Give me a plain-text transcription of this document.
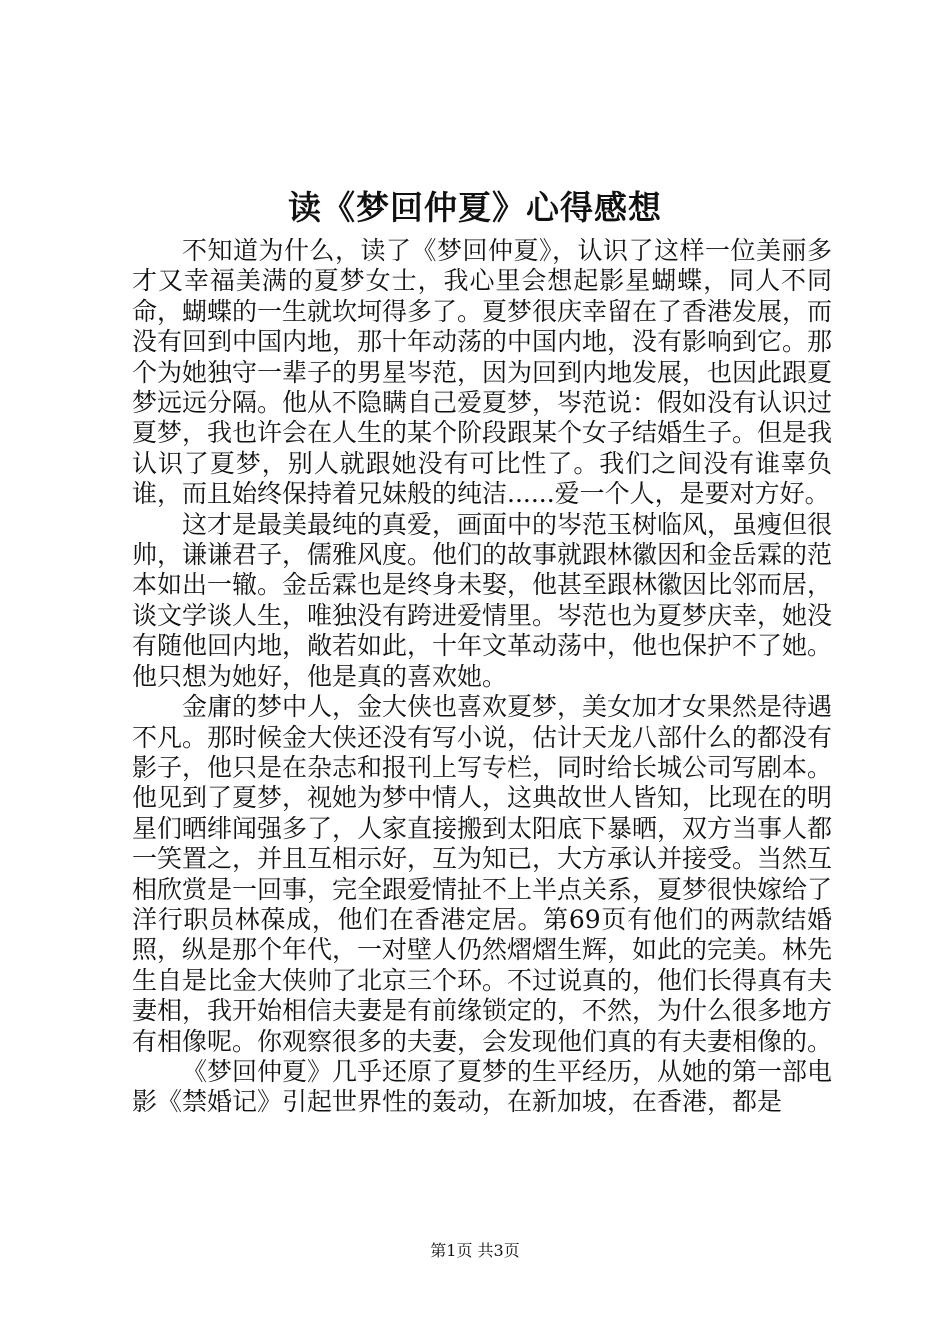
读《梦回仲夏》心得感想

不知道为什么，读了《梦回仲夏》，认识了这样一位美丽多才又幸福美满的夏梦女士，我心里会想起影星蝴蝶，同人不同命，蝴蝶的一生就坎坷得多了。夏梦很庆幸留在了香港发展，而没有回到中国内地，那十年动荡的中国内地，没有影响到它。那个为她独守一辈子的男星岑范，因为回到内地发展，也因此跟夏梦远远分隔。他从不隐瞒自己爱夏梦，岑范说：假如没有认识过夏梦，我也许会在人生的某个阶段跟某个女子结婚生子。但是我认识了夏梦，别人就跟她没有可比性了。我们之间没有谁辜负谁，而且始终保持着兄妹般的纯洁......爱一个人，是要对方好。

这才是最美最纯的真爱，画面中的岑范玉树临风，虽瘦但很帅，谦谦君子，儒雅风度。他们的故事就跟林徽因和金岳霖的范本如出一辙。金岳霖也是终身未娶，他甚至跟林徽因比邻而居，谈文学谈人生，唯独没有跨进爱情里。岑范也为夏梦庆幸，她没有随他回内地，敞若如此，十年文革动荡中，他也保护不了她。他只想为她好，他是真的喜欢她。

金庸的梦中人，金大侠也喜欢夏梦，美女加才女果然是待遇不凡。那时候金大侠还没有写小说，估计天龙八部什么的都没有影子，他只是在杂志和报刊上写专栏，同时给长城公司写剧本。他见到了夏梦，视她为梦中情人，这典故世人皆知，比现在的明星们晒绯闻强多了，人家直接搬到太阳底下暴晒，双方当事人都一笑置之，并且互相示好，互为知已，大方承认并接受。当然互相欣赏是一回事，完全跟爱情扯不上半点关系，夏梦很快嫁给了洋行职员林葆成，他们在香港定居。第69页有他们的两款结婚照，纵是那个年代，一对壁人仍然熠熠生辉，如此的完美。林先生自是比金大侠帅了北京三个环。不过说真的，他们长得真有夫妻相，我开始相信夫妻是有前缘锁定的，不然，为什么很多地方有相像呢。你观察很多的夫妻，会发现他们真的有夫妻相像的。

《梦回仲夏》几乎还原了夏梦的生平经历，从她的第一部电影《禁婚记》引起世界性的轰动，在新加坡，在香港，都是

第1页 共3页
